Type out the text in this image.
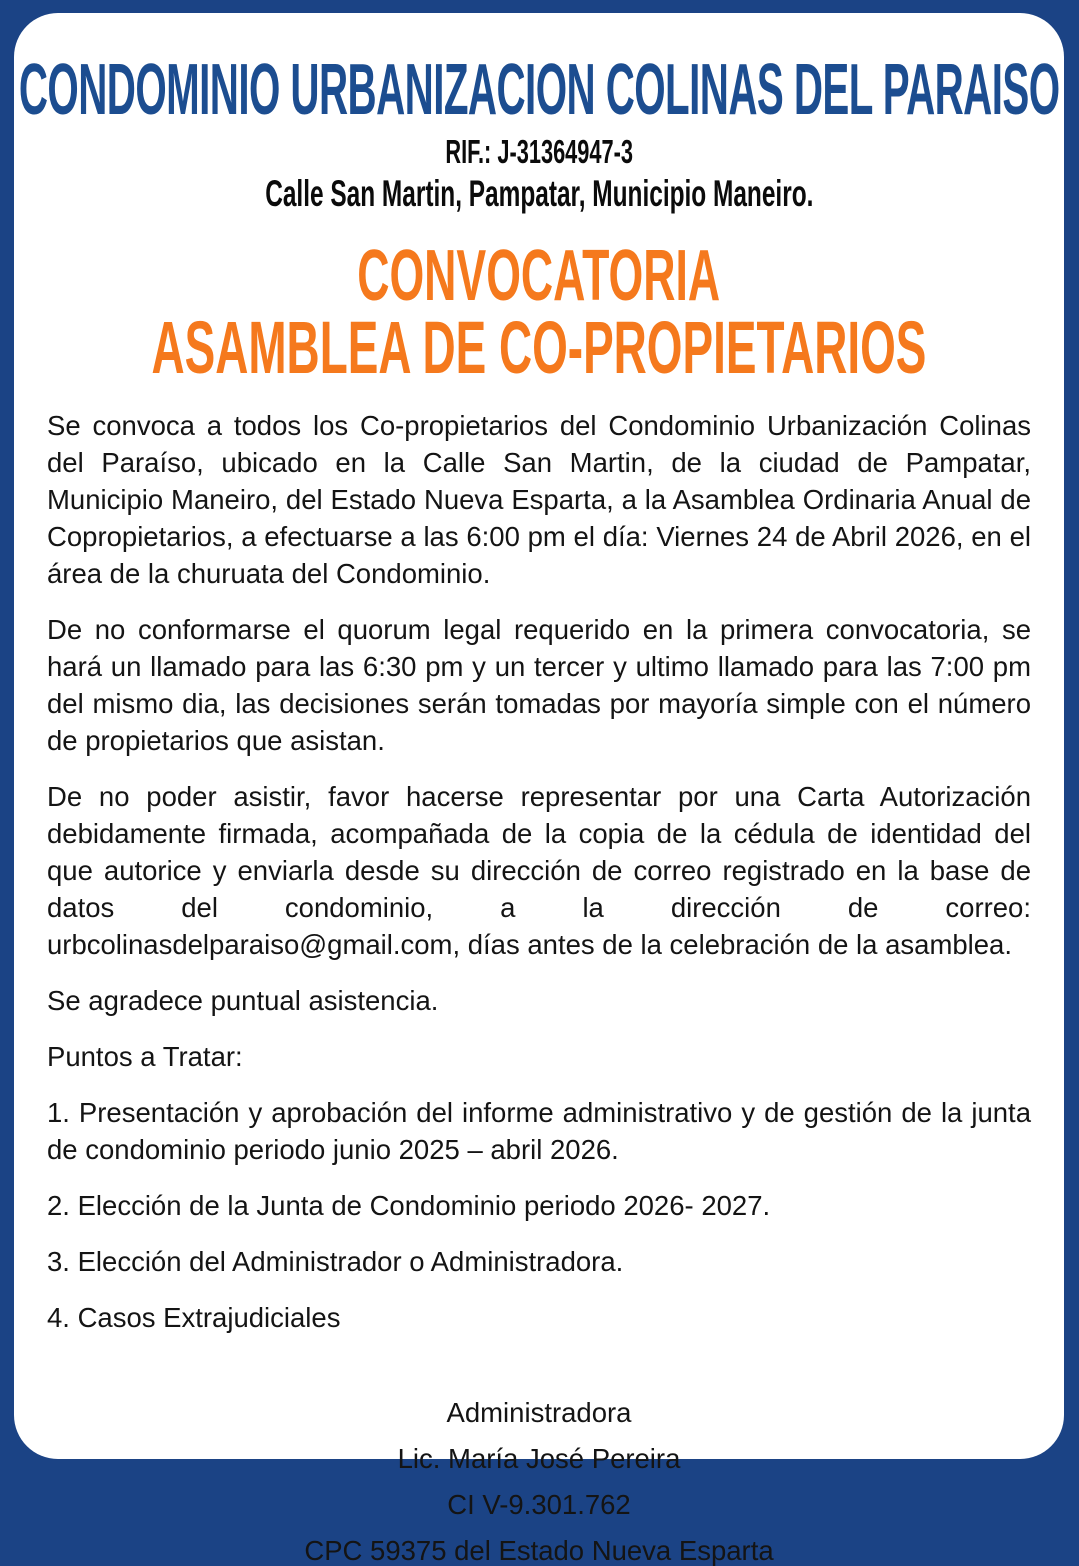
CONDOMINIO URBANIZACION COLINAS DEL PARAISO
RIF.: J-31364947-3
Calle San Martin, Pampatar, Municipio Maneiro.
CONVOCATORIA
ASAMBLEA DE CO-PROPIETARIOS

Se convoca a todos los Co-propietarios del Condominio Urbanización Colinas del Paraíso, ubicado en la Calle San Martin, de la ciudad de Pampatar, Municipio Maneiro, del Estado Nueva Esparta, a la Asamblea Ordinaria Anual de Copropietarios, a efectuarse a las 6:00 pm el día: Viernes 24 de Abril 2026, en el área de la churuata del Condominio.

De no conformarse el quorum legal requerido en la primera convocatoria, se hará un llamado para las 6:30 pm y un tercer y ultimo llamado para las 7:00 pm del mismo dia, las decisiones serán tomadas por mayoría simple con el número de propietarios que asistan.

De no poder asistir, favor hacerse representar por una Carta Autorización debidamente firmada, acompañada de la copia de la cédula de identidad del que autorice y enviarla desde su dirección de correo registrado en la base de datos del condominio, a la dirección de correo: urbcolinasdelparaiso@gmail.com, días antes de la celebración de la asamblea.

Se agradece puntual asistencia.

Puntos a Tratar:

1. Presentación y aprobación del informe administrativo y de gestión de la junta de condominio periodo junio 2025 – abril 2026.

2. Elección de la Junta de Condominio periodo 2026- 2027.

3. Elección del Administrador o Administradora.

4. Casos Extrajudiciales

Administradora
Lic. María José Pereira
CI V-9.301.762
CPC 59375 del Estado Nueva Esparta
